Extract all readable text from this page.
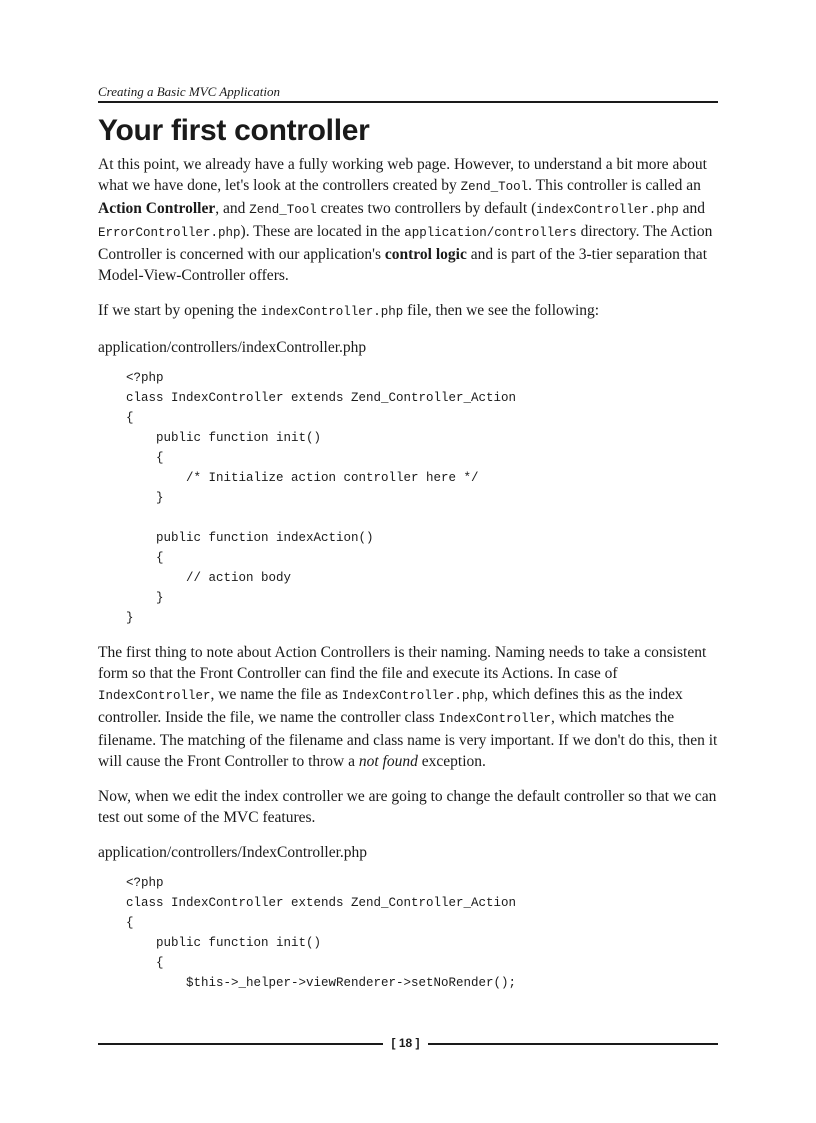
Creating a Basic MVC Application
Your first controller

At this point, we already have a fully working web page. However, to understand a bit more about what we have done, let's look at the controllers created by Zend_Tool. This controller is called an Action Controller, and Zend_Tool creates two controllers by default (indexController.php and ErrorController.php). These are located in the application/controllers directory. The Action Controller is concerned with our application's control logic and is part of the 3-tier separation that Model-View-Controller offers.

If we start by opening the indexController.php file, then we see the following:

application/controllers/indexController.php

<?php
class IndexController extends Zend_Controller_Action
{
public function init()
{
/* Initialize action controller here */
}

public function indexAction()
{
// action body
}
}

The first thing to note about Action Controllers is their naming. Naming needs to take a consistent form so that the Front Controller can find the file and execute its Actions. In case of IndexController, we name the file as IndexController.php, which defines this as the index controller. Inside the file, we name the controller class IndexController, which matches the filename. The matching of the filename and class name is very important. If we don't do this, then it will cause the Front Controller to throw a not found exception.

Now, when we edit the index controller we are going to change the default controller so that we can test out some of the MVC features.

application/controllers/IndexController.php

<?php
class IndexController extends Zend_Controller_Action
{
public function init()
{
$this->_helper->viewRenderer->setNoRender();
[ 18 ]
